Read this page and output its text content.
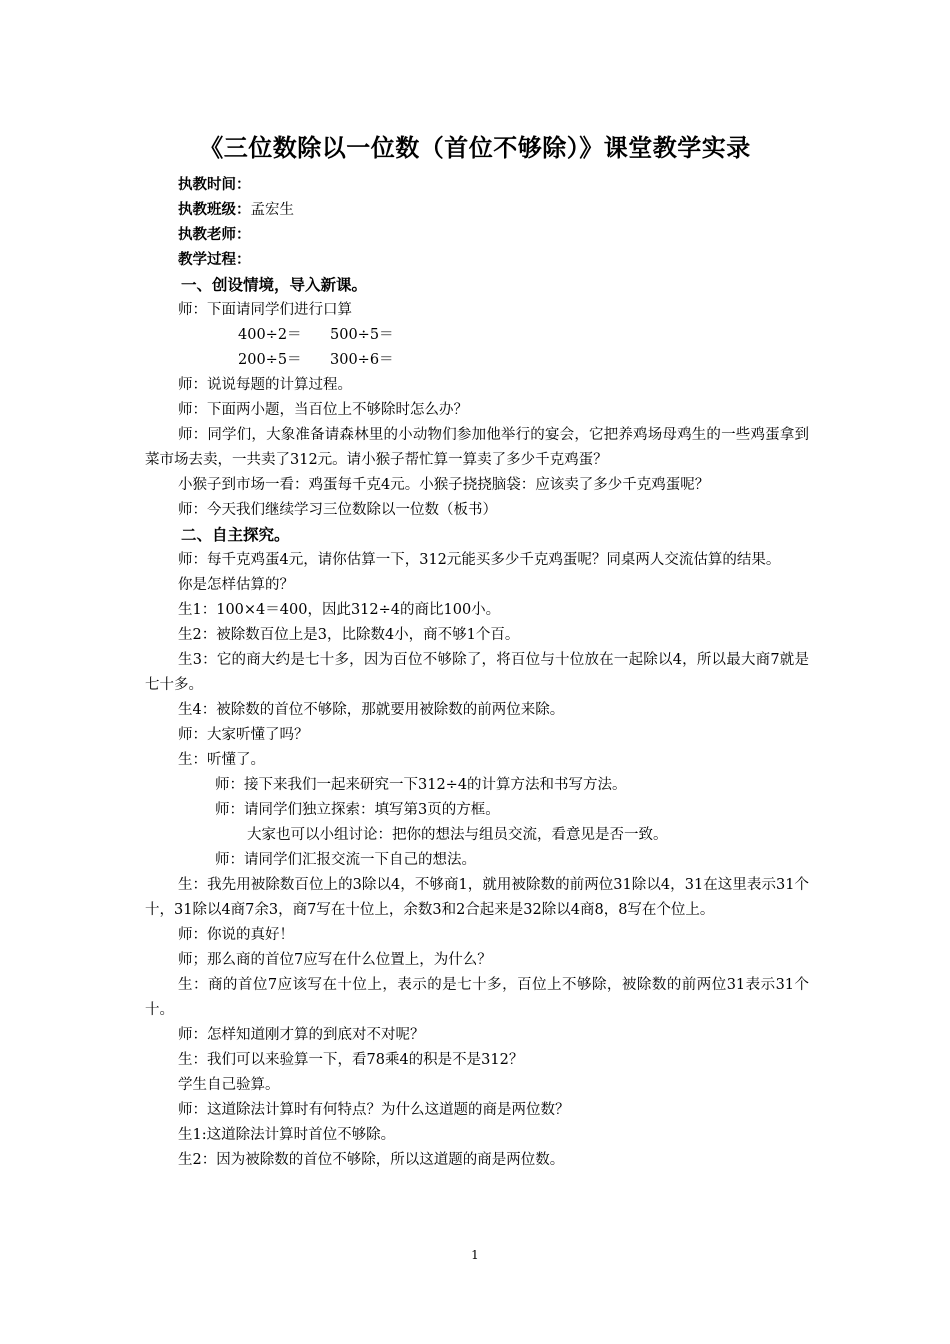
《三位数除以一位数（首位不够除）》课堂教学实录

执教时间：

执教班级：孟宏生

执教老师：

教学过程：

一、创设情境，导入新课。

师：下面请同学们进行口算

400÷2＝ 500÷5＝

200÷5＝ 300÷6＝

师：说说每题的计算过程。

师：下面两小题，当百位上不够除时怎么办？

师：同学们，大象准备请森林里的小动物们参加他举行的宴会，它把养鸡场母鸡生的一些鸡蛋拿到菜市场去卖，一共卖了312元。请小猴子帮忙算一算卖了多少千克鸡蛋？

小猴子到市场一看：鸡蛋每千克4元。小猴子挠挠脑袋：应该卖了多少千克鸡蛋呢？

师：今天我们继续学习三位数除以一位数（板书）

二、自主探究。

师：每千克鸡蛋4元，请你估算一下，312元能买多少千克鸡蛋呢？同桌两人交流估算的结果。

你是怎样估算的？

生1：100×4＝400，因此312÷4的商比100小。

生2：被除数百位上是3，比除数4小，商不够1个百。

生3：它的商大约是七十多，因为百位不够除了，将百位与十位放在一起除以4，所以最大商7就是七十多。

生4：被除数的首位不够除，那就要用被除数的前两位来除。

师：大家听懂了吗？

生：听懂了。

师：接下来我们一起来研究一下312÷4的计算方法和书写方法。

师：请同学们独立探索：填写第3页的方框。

大家也可以小组讨论：把你的想法与组员交流，看意见是否一致。

师：请同学们汇报交流一下自己的想法。

生：我先用被除数百位上的3除以4，不够商1，就用被除数的前两位31除以4，31在这里表示31个十，31除以4商7余3，商7写在十位上，余数3和2合起来是32除以4商8，8写在个位上。

师：你说的真好！

师；那么商的首位7应写在什么位置上，为什么？

生：商的首位7应该写在十位上，表示的是七十多，百位上不够除，被除数的前两位31表示31个十。

师：怎样知道刚才算的到底对不对呢？

生：我们可以来验算一下，看78乘4的积是不是312？

学生自己验算。

师：这道除法计算时有何特点？为什么这道题的商是两位数？

生1:这道除法计算时首位不够除。

生2：因为被除数的首位不够除，所以这道题的商是两位数。

1
